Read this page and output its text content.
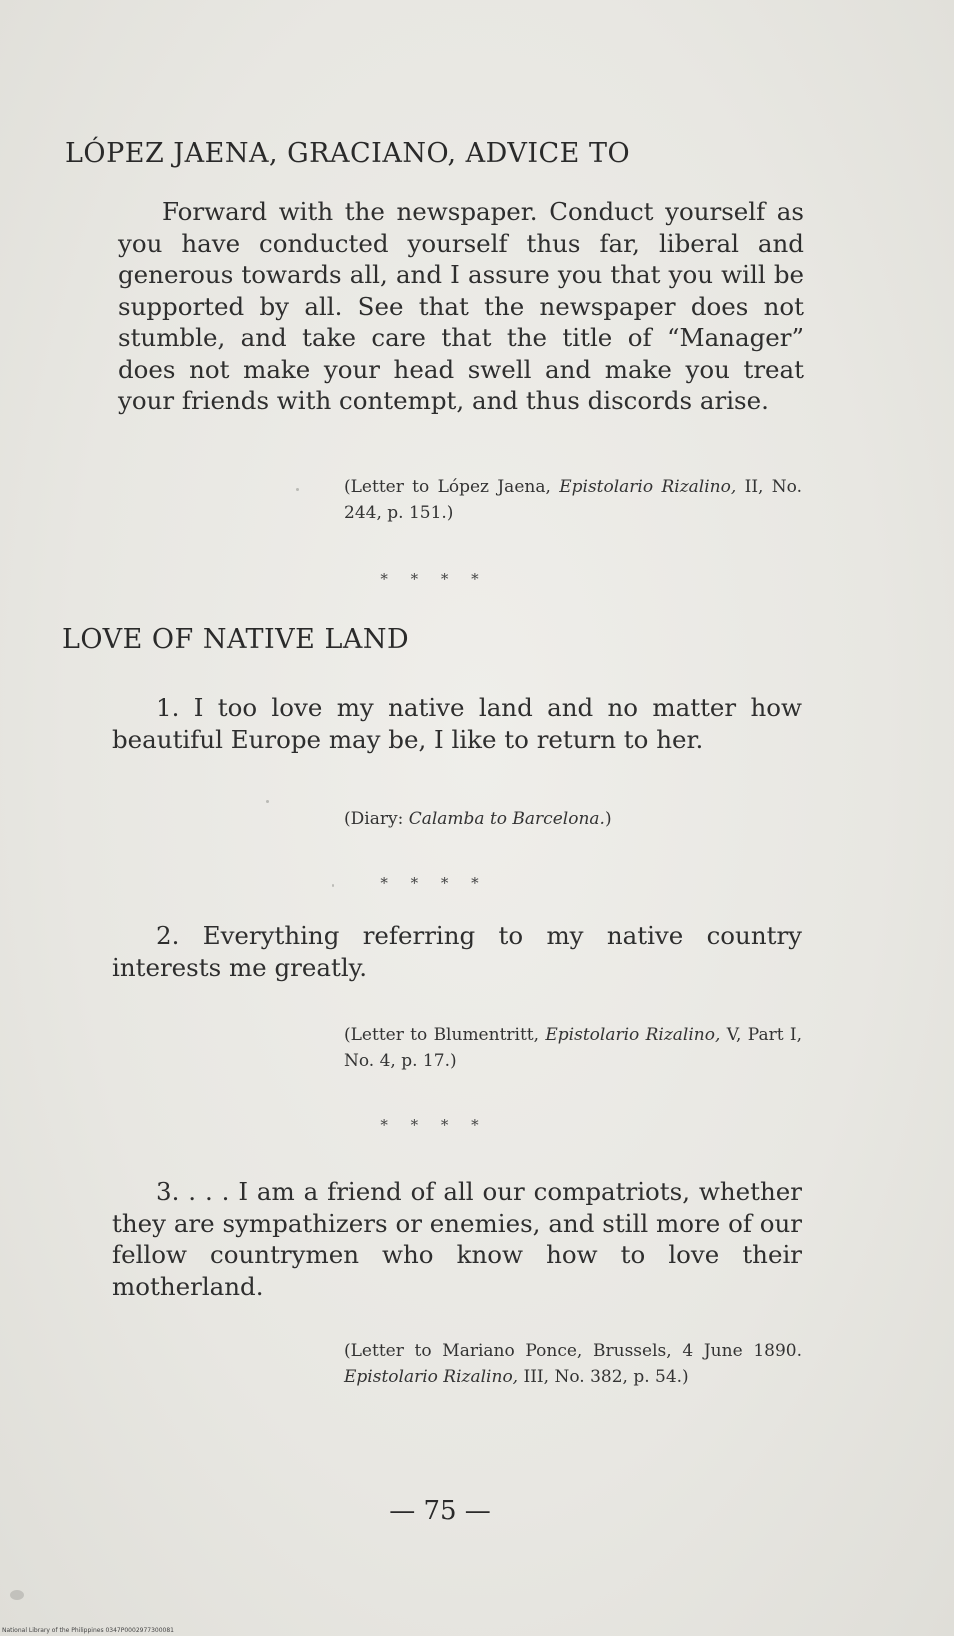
LÓPEZ JAENA, GRACIANO, ADVICE TO
Forward with the newspaper. Conduct yourself as you have conducted yourself thus far, liberal and generous towards all, and I assure you that you will be supported by all. See that the newspaper does not stumble, and take care that the title of “Manager” does not make your head swell and make you treat your friends with contempt, and thus discords arise.
(Letter to López Jaena, Epistolario Rizalino, II, No. 244, p. 151.)
* * * *
LOVE OF NATIVE LAND
1. I too love my native land and no matter how beautiful Europe may be, I like to return to her.
(Diary: Calamba to Barcelona.)
* * * *
2. Everything referring to my native country interests me greatly.
(Letter to Blumentritt, Epistolario Rizalino, V, Part I, No. 4, p. 17.)
* * * *
3. . . . I am a friend of all our compatriots, whether they are sympathizers or enemies, and still more of our fellow countrymen who know how to love their motherland.
(Letter to Mariano Ponce, Brussels, 4 June 1890. Epistolario Rizalino, III, No. 382, p. 54.)
— 75 —
National Library of the Philippines 0347P0002977300081
